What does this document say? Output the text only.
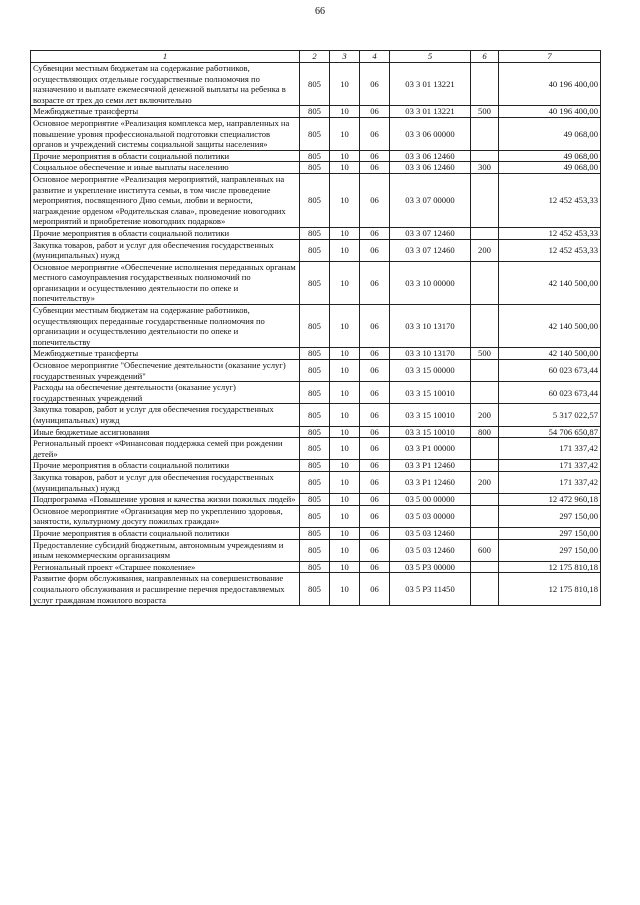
66
1	2	3	4	5	6	7
Субвенции местным бюджетам на содержание работников, осуществляющих отдельные государственные полномочия по назначению и выплате ежемесячной денежной выплаты на ребенка в возрасте от трех до семи лет включительно	805	10	06	03 3 01 13221		40 196 400,00
Межбюджетные трансферты	805	10	06	03 3 01 13221	500	40 196 400,00
Основное мероприятие «Реализация комплекса мер, направленных на повышение уровня профессиональной подготовки специалистов органов и учреждений системы социальной защиты населения»	805	10	06	03 3 06 00000		49 068,00
Прочие мероприятия в области социальной политики	805	10	06	03 3 06 12460		49 068,00
Социальное обеспечение и иные выплаты населению	805	10	06	03 3 06 12460	300	49 068,00
Основное мероприятие «Реализация мероприятий, направленных на развитие и укрепление института семьи, в том числе проведение мероприятия, посвященного Дню семьи, любви и верности, награждение орденом «Родительская слава», проведение новогодних мероприятий и приобретение новогодних подарков»	805	10	06	03 3 07 00000		12 452 453,33
Прочие мероприятия в области социальной политики	805	10	06	03 3 07 12460		12 452 453,33
Закупка товаров, работ и услуг для обеспечения государственных (муниципальных) нужд	805	10	06	03 3 07 12460	200	12 452 453,33
Основное мероприятие «Обеспечение исполнения переданных органам местного самоуправления государственных полномочий по организации и осуществлению деятельности по опеке и попечительству»	805	10	06	03 3 10 00000		42 140 500,00
Субвенции местным бюджетам на содержание работников, осуществляющих переданные государственные полномочия по организации и осуществлению деятельности по опеке и попечительству	805	10	06	03 3 10 13170		42 140 500,00
Межбюджетные трансферты	805	10	06	03 3 10 13170	500	42 140 500,00
Основное мероприятие "Обеспечение деятельности (оказание услуг) государственных учреждений"	805	10	06	03 3 15 00000		60 023 673,44
Расходы на обеспечение деятельности (оказание услуг) государственных учреждений	805	10	06	03 3 15 10010		60 023 673,44
Закупка товаров, работ и услуг для обеспечения государственных (муниципальных) нужд	805	10	06	03 3 15 10010	200	5 317 022,57
Иные бюджетные ассигнования	805	10	06	03 3 15 10010	800	54 706 650,87
Региональный проект «Финансовая поддержка семей при рождении детей»	805	10	06	03 3 P1 00000		171 337,42
Прочие мероприятия в области социальной политики	805	10	06	03 3 P1 12460		171 337,42
Закупка товаров, работ и услуг для обеспечения государственных (муниципальных) нужд	805	10	06	03 3 P1 12460	200	171 337,42
Подпрограмма «Повышение уровня и качества жизни пожилых людей»	805	10	06	03 5 00 00000		12 472 960,18
Основное мероприятие «Организация мер по укреплению здоровья, занятости, культурному досугу пожилых граждан»	805	10	06	03 5 03 00000		297 150,00
Прочие мероприятия в области социальной политики	805	10	06	03 5 03 12460		297 150,00
Предоставление субсидий бюджетным, автономным учреждениям и иным некоммерческим организациям	805	10	06	03 5 03 12460	600	297 150,00
Региональный проект «Старшее поколение»	805	10	06	03 5 P3 00000		12 175 810,18
Развитие форм обслуживания, направленных на совершенствование социального обслуживания и расширение перечня предоставляемых услуг гражданам пожилого возраста	805	10	06	03 5 P3 11450		12 175 810,18
